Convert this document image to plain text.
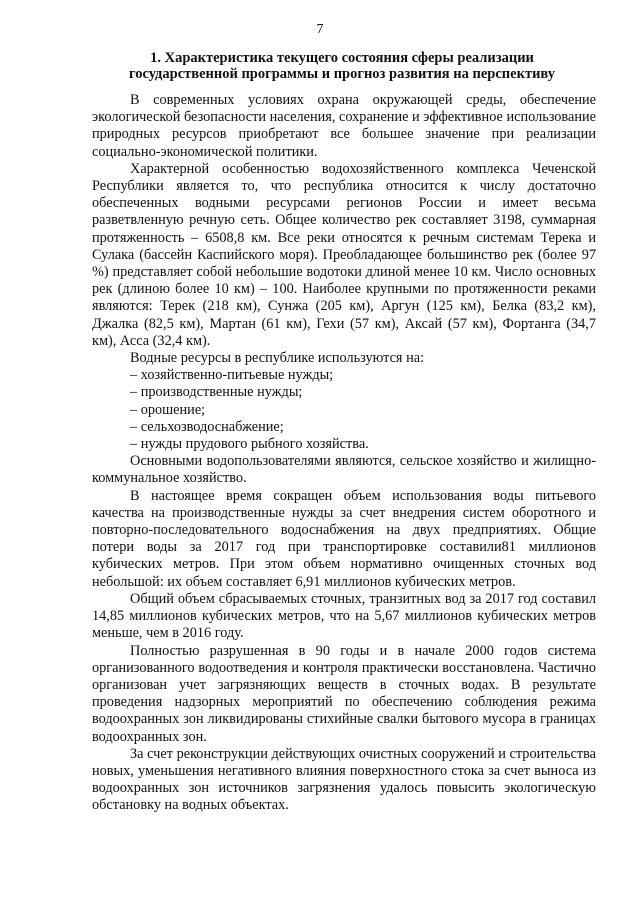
7
1. Характеристика текущего состояния сферы реализации
государственной программы и прогноз развития на перспективу

В современных условиях охрана окружающей среды, обеспечение экологической безопасности населения, сохранение и эффективное использование природных ресурсов приобретают все большее значение при реализации социально-экономической политики.

Характерной особенностью водохозяйственного комплекса Чеченской Республики является то, что республика относится к числу достаточно обеспеченных водными ресурсами регионов России и имеет весьма разветвленную речную сеть. Общее количество рек составляет 3198, суммарная протяженность – 6508,8 км. Все реки относятся к речным системам Терека и Сулака (бассейн Каспийского моря). Преобладающее большинство рек (более 97 %) представляет собой небольшие водотоки длиной менее 10 км. Число основных рек (длиною более 10 км) – 100. Наиболее крупными по протяженности реками являются: Терек (218 км), Сунжа (205 км), Аргун (125 км), Белка (83,2 км), Джалка (82,5 км), Мартан (61 км), Гехи (57 км), Аксай (57 км), Фортанга (34,7 км), Асса (32,4 км).

Водные ресурсы в республике используются на:

– хозяйственно-питьевые нужды;

– производственные нужды;

– орошение;

– сельхозводоснабжение;

– нужды прудового рыбного хозяйства.

Основными водопользователями являются, сельское хозяйство и жилищно-коммунальное хозяйство.

В настоящее время сокращен объем использования воды питьевого качества на производственные нужды за счет внедрения систем оборотного и повторно-последовательного водоснабжения на двух предприятиях. Общие потери воды за 2017 год при транспортировке составили81 миллионов кубических метров. При этом объем нормативно очищенных сточных вод небольшой: их объем составляет 6,91 миллионов кубических метров.

Общий объем сбрасываемых сточных, транзитных вод за 2017 год составил 14,85 миллионов кубических метров, что на 5,67 миллионов кубических метров меньше, чем в 2016 году.

Полностью разрушенная в 90 годы и в начале 2000 годов система организованного водоотведения и контроля практически восстановлена. Частично организован учет загрязняющих веществ в сточных водах. В результате проведения надзорных мероприятий по обеспечению соблюдения режима водоохранных зон ликвидированы стихийные свалки бытового мусора в границах водоохранных зон.

За счет реконструкции действующих очистных сооружений и строительства новых, уменьшения негативного влияния поверхностного стока за счет выноса из водоохранных зон источников загрязнения удалось повысить экологическую обстановку на водных объектах.
